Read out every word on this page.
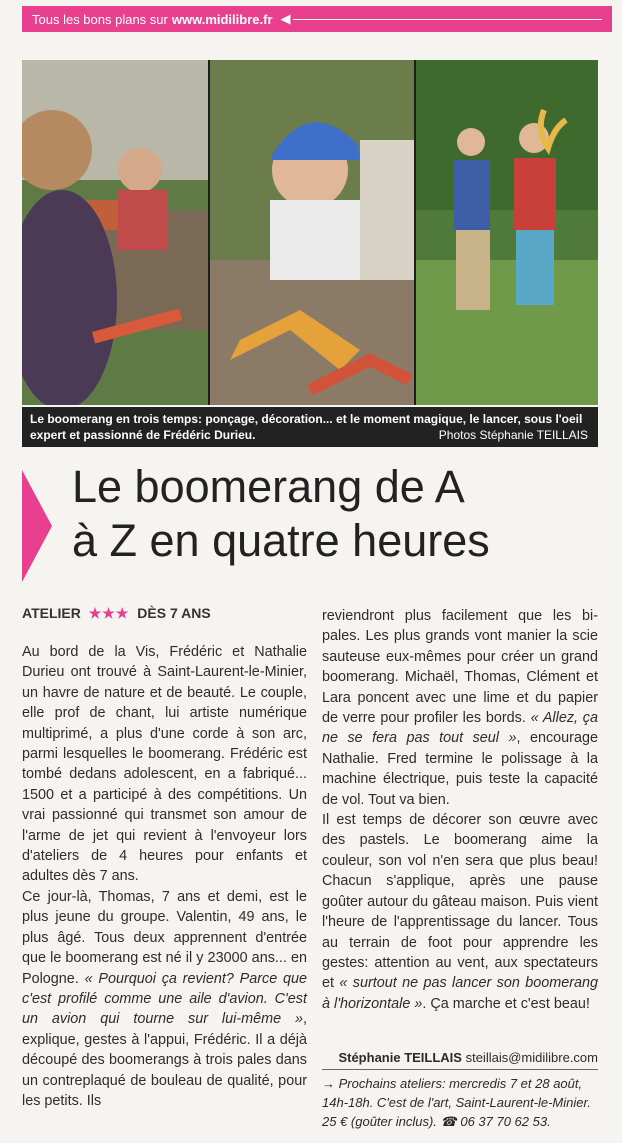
Tous les bons plans sur www.midilibre.fr ◀
Le boomerang en trois temps: ponçage, décoration... et le moment magique, le lancer, sous l'oeil expert et passionné de Frédéric Durieu.	Photos Stéphanie TEILLAIS
Le boomerang de A
à Z en quatre heures
ATELIER ★★★ DÈS 7 ANS

Au bord de la Vis, Frédéric et Nathalie Durieu ont trouvé à Saint-Laurent-le-Minier, un havre de nature et de beauté. Le couple, elle prof de chant, lui artiste numérique multiprimé, a plus d'une corde à son arc, parmi lesquelles le boomerang. Frédéric est tombé dedans adolescent, en a fabriqué... 1500 et a participé à des compétitions. Un vrai passionné qui transmet son amour de l'arme de jet qui revient à l'envoyeur lors d'ateliers de 4 heures pour enfants et adultes dès 7 ans.

Ce jour-là, Thomas, 7 ans et demi, est le plus jeune du groupe. Valentin, 49 ans, le plus âgé. Tous deux apprennent d'entrée que le boomerang est né il y 23000 ans... en Pologne. « Pourquoi ça revient? Parce que c'est profilé comme une aile d'avion. C'est un avion qui tourne sur lui-même », explique, gestes à l'appui, Frédéric. Il a déjà découpé des boomerangs à trois pales dans un contreplaqué de bouleau de qualité, pour les petits. Ils

reviendront plus facilement que les bi-pales. Les plus grands vont manier la scie sauteuse eux-mêmes pour créer un grand boomerang. Michaël, Thomas, Clément et Lara poncent avec une lime et du papier de verre pour profiler les bords. « Allez, ça ne se fera pas tout seul », encourage Nathalie. Fred termine le polissage à la machine électrique, puis teste la capacité de vol. Tout va bien.

Il est temps de décorer son œuvre avec des pastels. Le boomerang aime la couleur, son vol n'en sera que plus beau! Chacun s'applique, après une pause goûter autour du gâteau maison. Puis vient l'heure de l'apprentissage du lancer. Tous au terrain de foot pour apprendre les gestes: attention au vent, aux spectateurs et « surtout ne pas lancer son boomerang à l'horizontale ». Ça marche et c'est beau!

Stéphanie TEILLAIS steillais@midilibre.com
→ Prochains ateliers: mercredis 7 et 28 août, 14h-18h. C'est de l'art, Saint-Laurent-le-Minier. 25 € (goûter inclus). ☎ 06 37 70 62 53.
